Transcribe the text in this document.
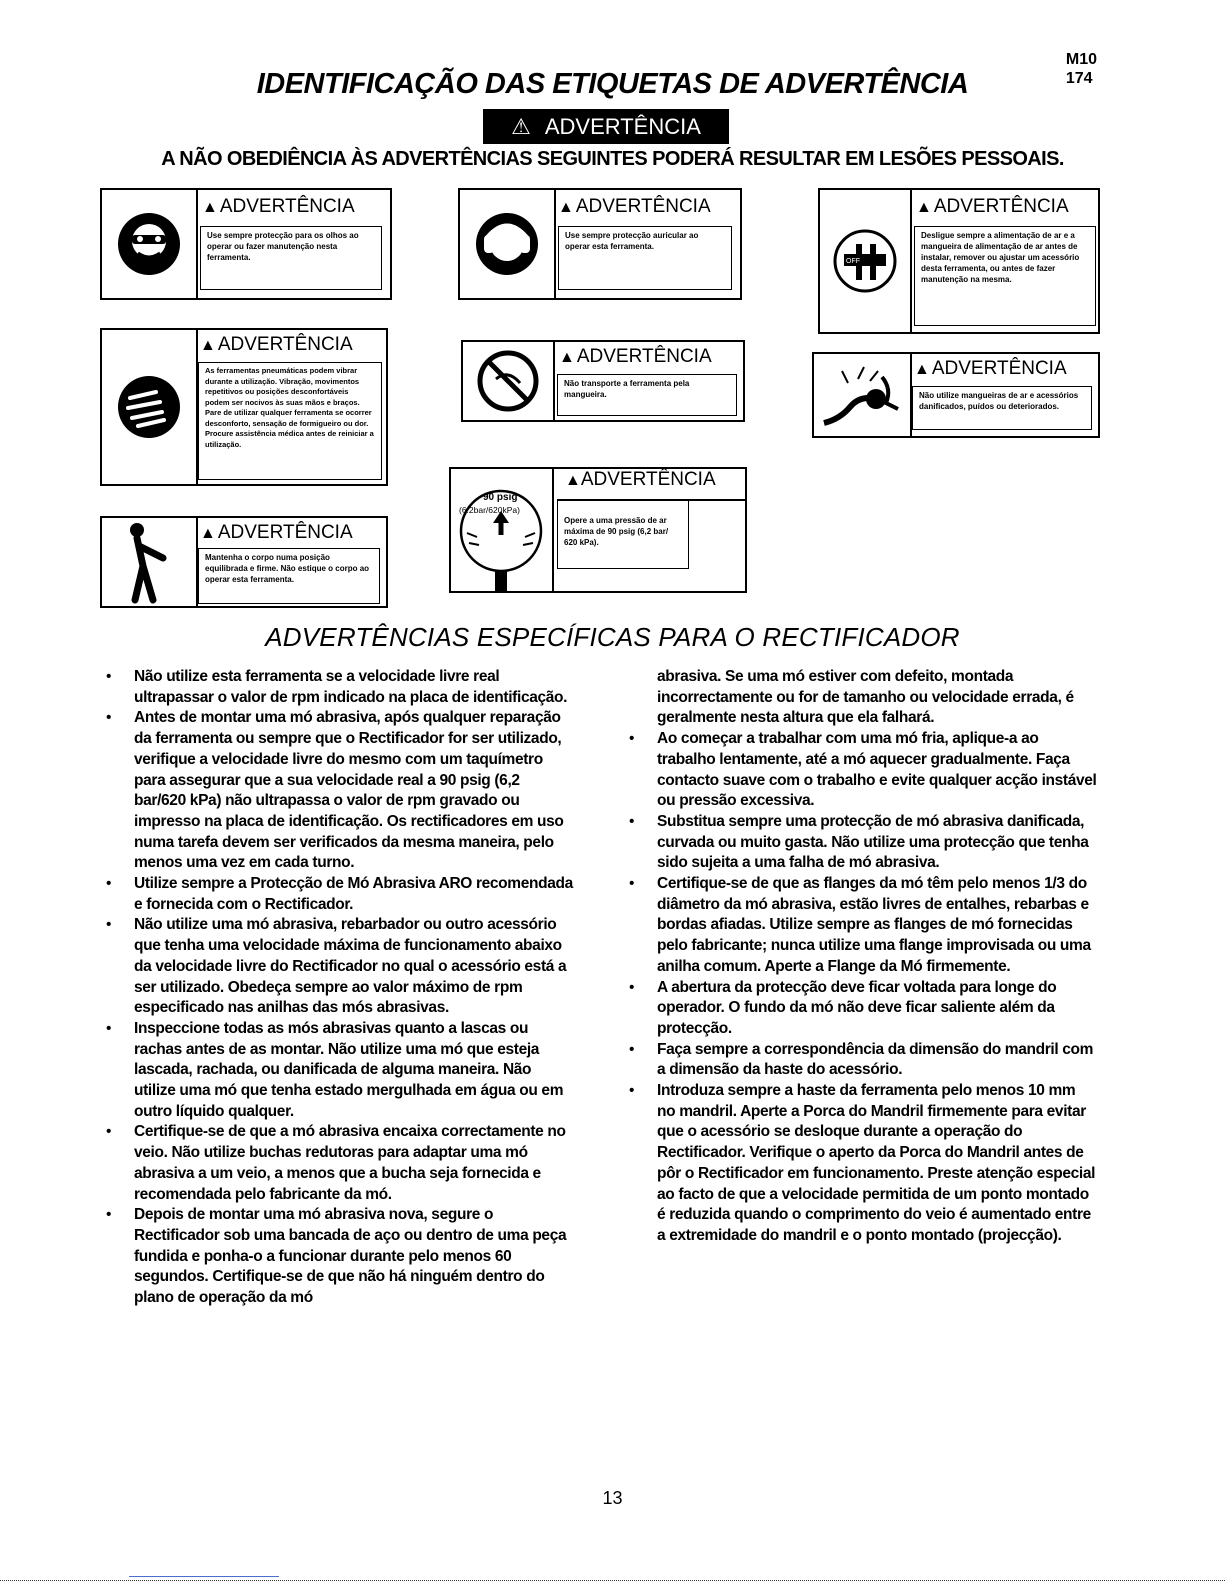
M10
174
IDENTIFICAÇÃO DAS ETIQUETAS DE ADVERTÊNCIA
⚠ ADVERTÊNCIA
A NÃO OBEDIÊNCIA ÀS ADVERTÊNCIAS SEGUINTES PODERÁ RESULTAR EM LESÕES PESSOAIS.
▲ ADVERTÊNCIA
Use sempre protecção para os olhos ao operar ou fazer manutenção nesta ferramenta.
▲ ADVERTÊNCIA
Use sempre protecção auricular ao operar esta ferramenta.
OFF
▲ ADVERTÊNCIA
Desligue sempre a alimentação de ar e a mangueira de alimentação de ar antes de instalar, remover ou ajustar um acessório desta ferramenta, ou antes de fazer manutenção na mesma.
▲ ADVERTÊNCIA
As ferramentas pneumáticas podem vibrar durante a utilização. Vibração, movimentos repetitivos ou posições desconfortáveis podem ser nocivos às suas mãos e braços. Pare de utilizar qualquer ferramenta se ocorrer desconforto, sensação de formigueiro ou dor. Procure assistência médica antes de reiniciar a utilização.
▲ ADVERTÊNCIA
Não transporte a ferramenta pela mangueira.
▲ ADVERTÊNCIA
Não utilize mangueiras de ar e acessórios danificados, puídos ou deteriorados.
▲ ADVERTÊNCIA
Mantenha o corpo numa posição equilibrada e firme. Não estique o corpo ao operar esta ferramenta.
90 psig
(6.2bar/620kPa)
▲ADVERTÊNCIA
Opere a uma pressão de ar máxima de 90 psig (6,2 bar/ 620 kPa).
ADVERTÊNCIAS ESPECÍFICAS PARA O RECTIFICADOR

• Não utilize esta ferramenta se a velocidade livre real ultrapassar o valor de rpm indicado na placa de identificação.

• Antes de montar uma mó abrasiva, após qualquer reparação da ferramenta ou sempre que o Rectificador for ser utilizado, verifique a velocidade livre do mesmo com um taquímetro para assegurar que a sua velocidade real a 90 psig (6,2 bar/620 kPa) não ultrapassa o valor de rpm gravado ou impresso na placa de identificação. Os rectificadores em uso numa tarefa devem ser verificados da mesma maneira, pelo menos uma vez em cada turno.

• Utilize sempre a Protecção de Mó Abrasiva ARO recomendada e fornecida com o Rectificador.

• Não utilize uma mó abrasiva, rebarbador ou outro acessório que tenha uma velocidade máxima de funcionamento abaixo da velocidade livre do Rectificador no qual o acessório está a ser utilizado. Obedeça sempre ao valor máximo de rpm especificado nas anilhas das mós abrasivas.

• Inspeccione todas as mós abrasivas quanto a lascas ou rachas antes de as montar. Não utilize uma mó que esteja lascada, rachada, ou danificada de alguma maneira. Não utilize uma mó que tenha estado mergulhada em água ou em outro líquido qualquer.

• Certifique-se de que a mó abrasiva encaixa correctamente no veio. Não utilize buchas redutoras para adaptar uma mó abrasiva a um veio, a menos que a bucha seja fornecida e recomendada pelo fabricante da mó.

• Depois de montar uma mó abrasiva nova, segure o Rectificador sob uma bancada de aço ou dentro de uma peça fundida e ponha-o a funcionar durante pelo menos 60 segundos. Certifique-se de que não há ninguém dentro do plano de operação da mó

abrasiva. Se uma mó estiver com defeito, montada incorrectamente ou for de tamanho ou velocidade errada, é geralmente nesta altura que ela falhará.

• Ao começar a trabalhar com uma mó fria, aplique-a ao trabalho lentamente, até a mó aquecer gradualmente. Faça contacto suave com o trabalho e evite qualquer acção instável ou pressão excessiva.

• Substitua sempre uma protecção de mó abrasiva danificada, curvada ou muito gasta. Não utilize uma protecção que tenha sido sujeita a uma falha de mó abrasiva.

• Certifique-se de que as flanges da mó têm pelo menos 1/3 do diâmetro da mó abrasiva, estão livres de entalhes, rebarbas e bordas afiadas. Utilize sempre as flanges de mó fornecidas pelo fabricante; nunca utilize uma flange improvisada ou uma anilha comum. Aperte a Flange da Mó firmemente.

• A abertura da protecção deve ficar voltada para longe do operador. O fundo da mó não deve ficar saliente além da protecção.

• Faça sempre a correspondência da dimensão do mandril com a dimensão da haste do acessório.

• Introduza sempre a haste da ferramenta pelo menos 10 mm no mandril. Aperte a Porca do Mandril firmemente para evitar que o acessório se desloque durante a operação do Rectificador. Verifique o aperto da Porca do Mandril antes de pôr o Rectificador em funcionamento. Preste atenção especial ao facto de que a velocidade permitida de um ponto montado é reduzida quando o comprimento do veio é aumentado entre a extremidade do mandril e o ponto montado (projecção).

13
